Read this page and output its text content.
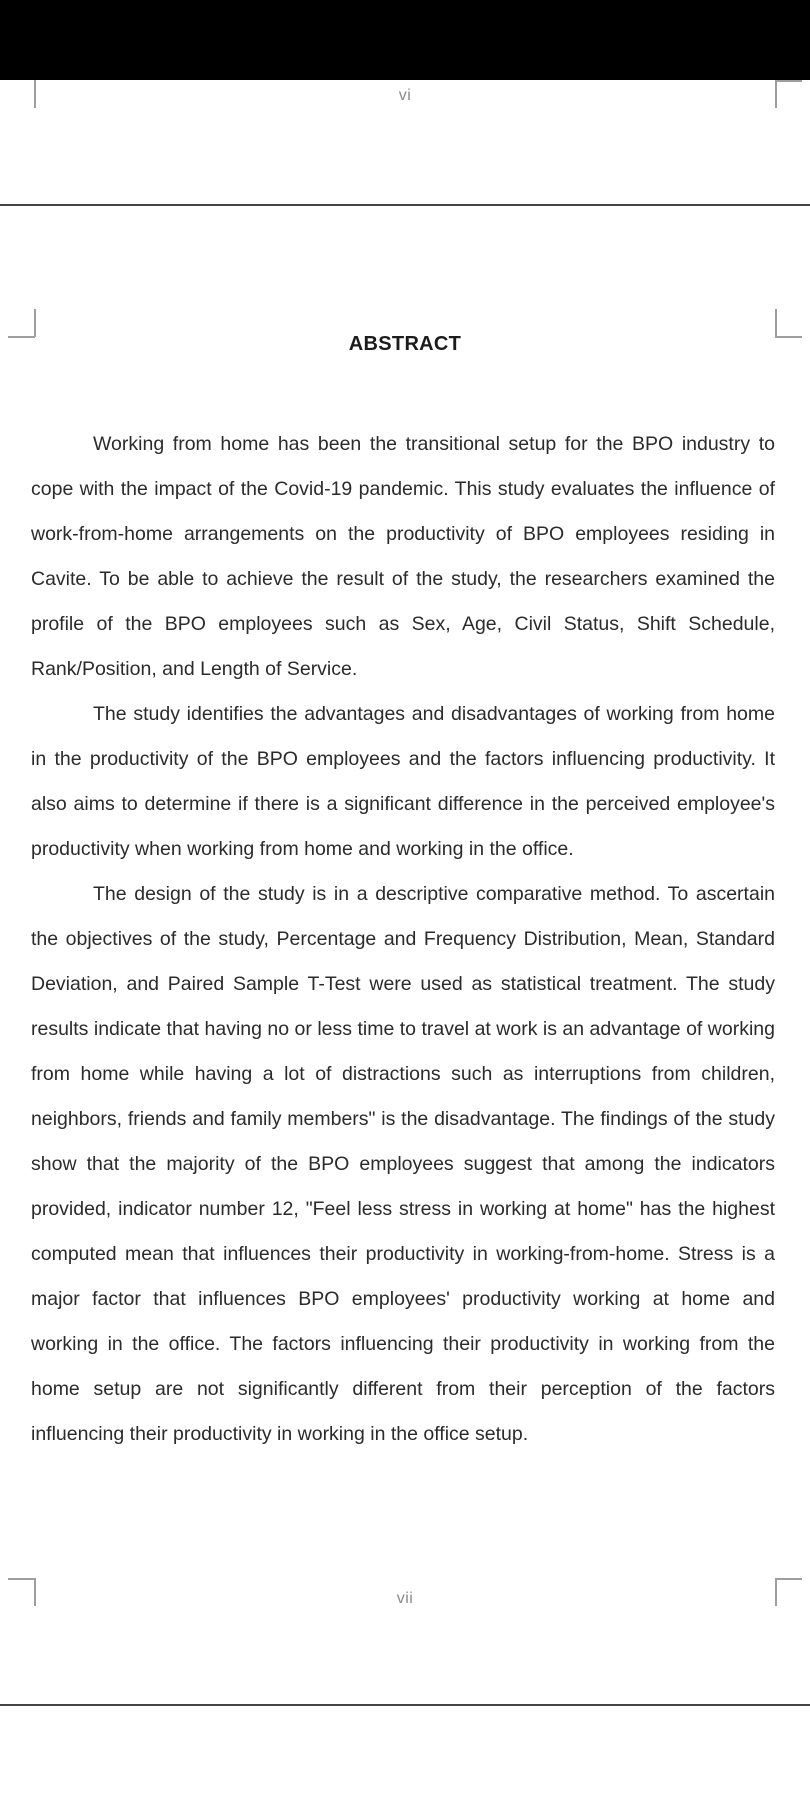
vi
ABSTRACT

Working from home has been the transitional setup for the BPO industry to cope with the impact of the Covid-19 pandemic. This study evaluates the influence of work-from-home arrangements on the productivity of BPO employees residing in Cavite. To be able to achieve the result of the study, the researchers examined the profile of the BPO employees such as Sex, Age, Civil Status, Shift Schedule, Rank/Position, and Length of Service.

The study identifies the advantages and disadvantages of working from home in the productivity of the BPO employees and the factors influencing productivity. It also aims to determine if there is a significant difference in the perceived employee's productivity when working from home and working in the office.

The design of the study is in a descriptive comparative method. To ascertain the objectives of the study, Percentage and Frequency Distribution, Mean, Standard Deviation, and Paired Sample T-Test were used as statistical treatment. The study results indicate that having no or less time to travel at work is an advantage of working from home while having a lot of distractions such as interruptions from children, neighbors, friends and family members" is the disadvantage. The findings of the study show that the majority of the BPO employees suggest that among the indicators provided, indicator number 12, "Feel less stress in working at home" has the highest computed mean that influences their productivity in working-from-home. Stress is a major factor that influences BPO employees' productivity working at home and working in the office. The factors influencing their productivity in working from the home setup are not significantly different from their perception of the factors influencing their productivity in working in the office setup.

vii
